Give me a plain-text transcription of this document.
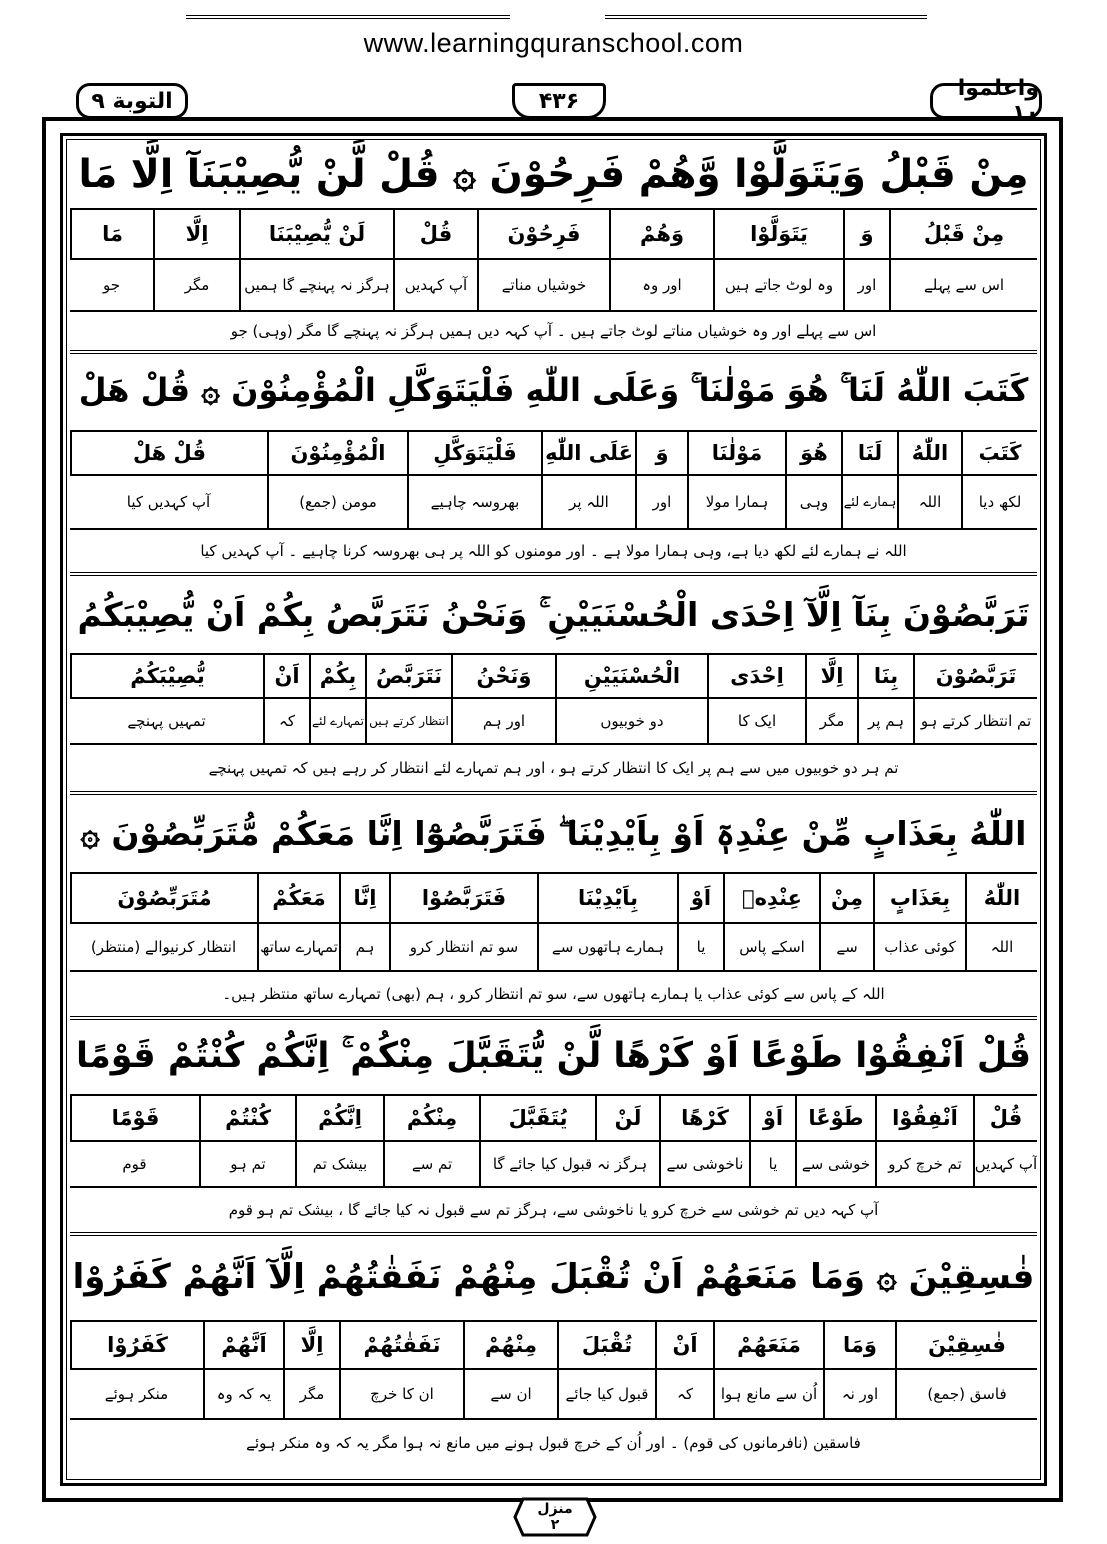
www.learningquranschool.com
التوبة ٩	۴۳۶	واعلموا ١٠
مِنْ قَبْلُ وَيَتَوَلَّوْا وَّهُمْ فَرِحُوْنَ ۞ قُلْ لَّنْ يُّصِيْبَنَآ اِلَّا مَا
مِنْ قَبْلُ
وَ
يَتَوَلَّوْا
وَهُمْ
فَرِحُوْنَ
قُلْ
لَنْ يُّصِيْبَنَا
اِلَّا
مَا
اس سے پہلے
اور
وہ لوٹ جاتے ہیں
اور وہ
خوشیاں مناتے
آپ کہدیں
ہرگز نہ پہنچے گا ہمیں
مگر
جو
اس سے پہلے اور وہ خوشیاں مناتے لوٹ جاتے ہیں ۔ آپ کہہ دیں ہمیں ہرگز نہ پہنچے گا مگر (وہی) جو
كَتَبَ اللّٰهُ لَنَا ۚ هُوَ مَوْلٰنَا ۚ وَعَلَى اللّٰهِ فَلْيَتَوَكَّلِ الْمُؤْمِنُوْنَ ۞ قُلْ هَلْ
كَتَبَ
اللّٰهُ
لَنَا
هُوَ
مَوْلٰنَا
وَ
عَلَى اللّٰهِ
فَلْيَتَوَكَّلِ
الْمُؤْمِنُوْنَ
قُلْ هَلْ
لکھ دیا
اللہ
ہمارے لئے
وہی
ہمارا مولا
اور
اللہ پر
بھروسہ چاہیے
مومن (جمع)
آپ کہدیں کیا
اللہ نے ہمارے لئے لکھ دیا ہے، وہی ہمارا مولا ہے ۔ اور مومنوں کو اللہ پر ہی بھروسہ کرنا چاہیے ۔ آپ کہدیں کیا
تَرَبَّصُوْنَ بِنَآ اِلَّآ اِحْدَى الْحُسْنَيَيْنِ ۚ وَنَحْنُ نَتَرَبَّصُ بِكُمْ اَنْ يُّصِيْبَكُمُ
تَرَبَّصُوْنَ
بِنَا
اِلَّا
اِحْدَى
الْحُسْنَيَيْنِ
وَنَحْنُ
نَتَرَبَّصُ
بِكُمْ
اَنْ
يُّصِيْبَكُمُ
تم انتظار کرتے ہو
ہم پر
مگر
ایک کا
دو خوبیوں
اور ہم
انتظار کرتے ہیں
تمہارے لئے
کہ
تمہیں پہنچے
تم ہر دو خوبیوں میں سے ہم پر ایک کا انتظار کرتے ہو ، اور ہم تمہارے لئے انتظار کر رہے ہیں کہ تمہیں پہنچے
اللّٰهُ بِعَذَابٍ مِّنْ عِنْدِهٖٓ اَوْ بِاَيْدِيْنَا ۖ فَتَرَبَّصُوْٓا اِنَّا مَعَكُمْ مُّتَرَبِّصُوْنَ ۞
اللّٰهُ
بِعَذَابٍ
مِنْ
عِنْدِهٖ
اَوْ
بِاَيْدِيْنَا
فَتَرَبَّصُوْا
اِنَّا
مَعَكُمْ
مُتَرَبِّصُوْنَ
اللہ
کوئی عذاب
سے
اسکے پاس
یا
ہمارے ہاتھوں سے
سو تم انتظار کرو
ہم
تمہارے ساتھ
انتظار کرنیوالے (منتظر)
اللہ کے پاس سے کوئی عذاب یا ہمارے ہاتھوں سے، سو تم انتظار کرو ، ہم (بھی) تمہارے ساتھ منتظر ہیں۔
قُلْ اَنْفِقُوْا طَوْعًا اَوْ كَرْهًا لَّنْ يُّتَقَبَّلَ مِنْكُمْ ۚ اِنَّكُمْ كُنْتُمْ قَوْمًا
قُلْ
اَنْفِقُوْا
طَوْعًا
اَوْ
كَرْهًا
لَنْ
يُتَقَبَّلَ
مِنْكُمْ
اِنَّكُمْ
كُنْتُمْ
قَوْمًا
آپ کہدیں
تم خرچ کرو
خوشی سے
یا
ناخوشی سے
ہرگز نہ قبول کیا جائے گا
تم سے
بیشک تم
تم ہو
قوم
آپ کہہ دیں تم خوشی سے خرچ کرو یا ناخوشی سے، ہرگز تم سے قبول نہ کیا جائے گا ، بیشک تم ہو قوم
فٰسِقِيْنَ ۞ وَمَا مَنَعَهُمْ اَنْ تُقْبَلَ مِنْهُمْ نَفَقٰتُهُمْ اِلَّآ اَنَّهُمْ كَفَرُوْا
فٰسِقِيْنَ
وَمَا
مَنَعَهُمْ
اَنْ
تُقْبَلَ
مِنْهُمْ
نَفَقٰتُهُمْ
اِلَّا
اَنَّهُمْ
كَفَرُوْا
فاسق (جمع)
اور نہ
اُن سے مانع ہوا
کہ
قبول کیا جائے
ان سے
ان کا خرچ
مگر
یہ کہ وہ
منکر ہوئے
فاسقین (نافرمانوں کی قوم) ۔ اور اُن کے خرچ قبول ہونے میں مانع نہ ہوا مگر یہ کہ وہ منکر ہوئے
منزل
٢
